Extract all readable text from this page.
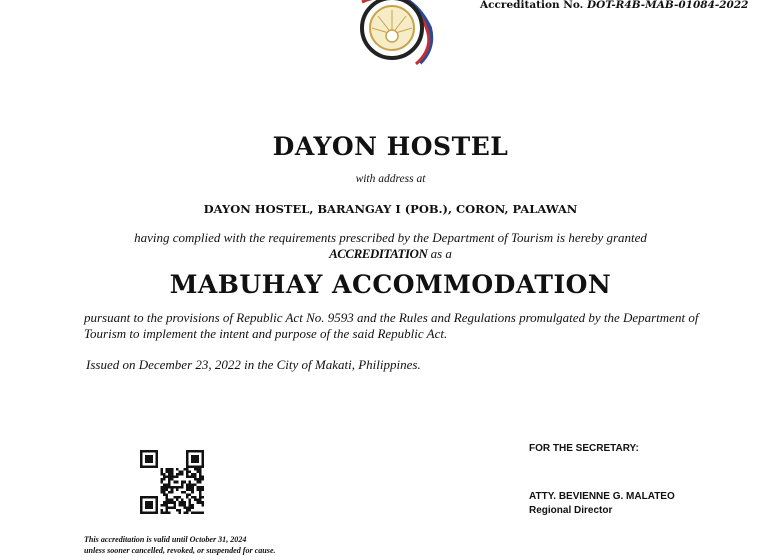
Accreditation No. DOT-R4B-MAB-01084-2022
DAYON HOSTEL
with address at
DAYON HOSTEL, BARANGAY I (POB.), CORON, PALAWAN
having complied with the requirements prescribed by the Department of Tourism is hereby granted
ACCREDITATION as a
MABUHAY ACCOMMODATION
pursuant to the provisions of Republic Act No. 9593 and the Rules and Regulations promulgated by the Department of Tourism to implement the intent and purpose of the said Republic Act.
Issued on December 23, 2022 in the City of Makati, Philippines.
FOR THE SECRETARY:
ATTY. BEVIENNE G. MALATEO
Regional Director
This accreditation is valid until October 31, 2024
unless sooner cancelled, revoked, or suspended for cause.
